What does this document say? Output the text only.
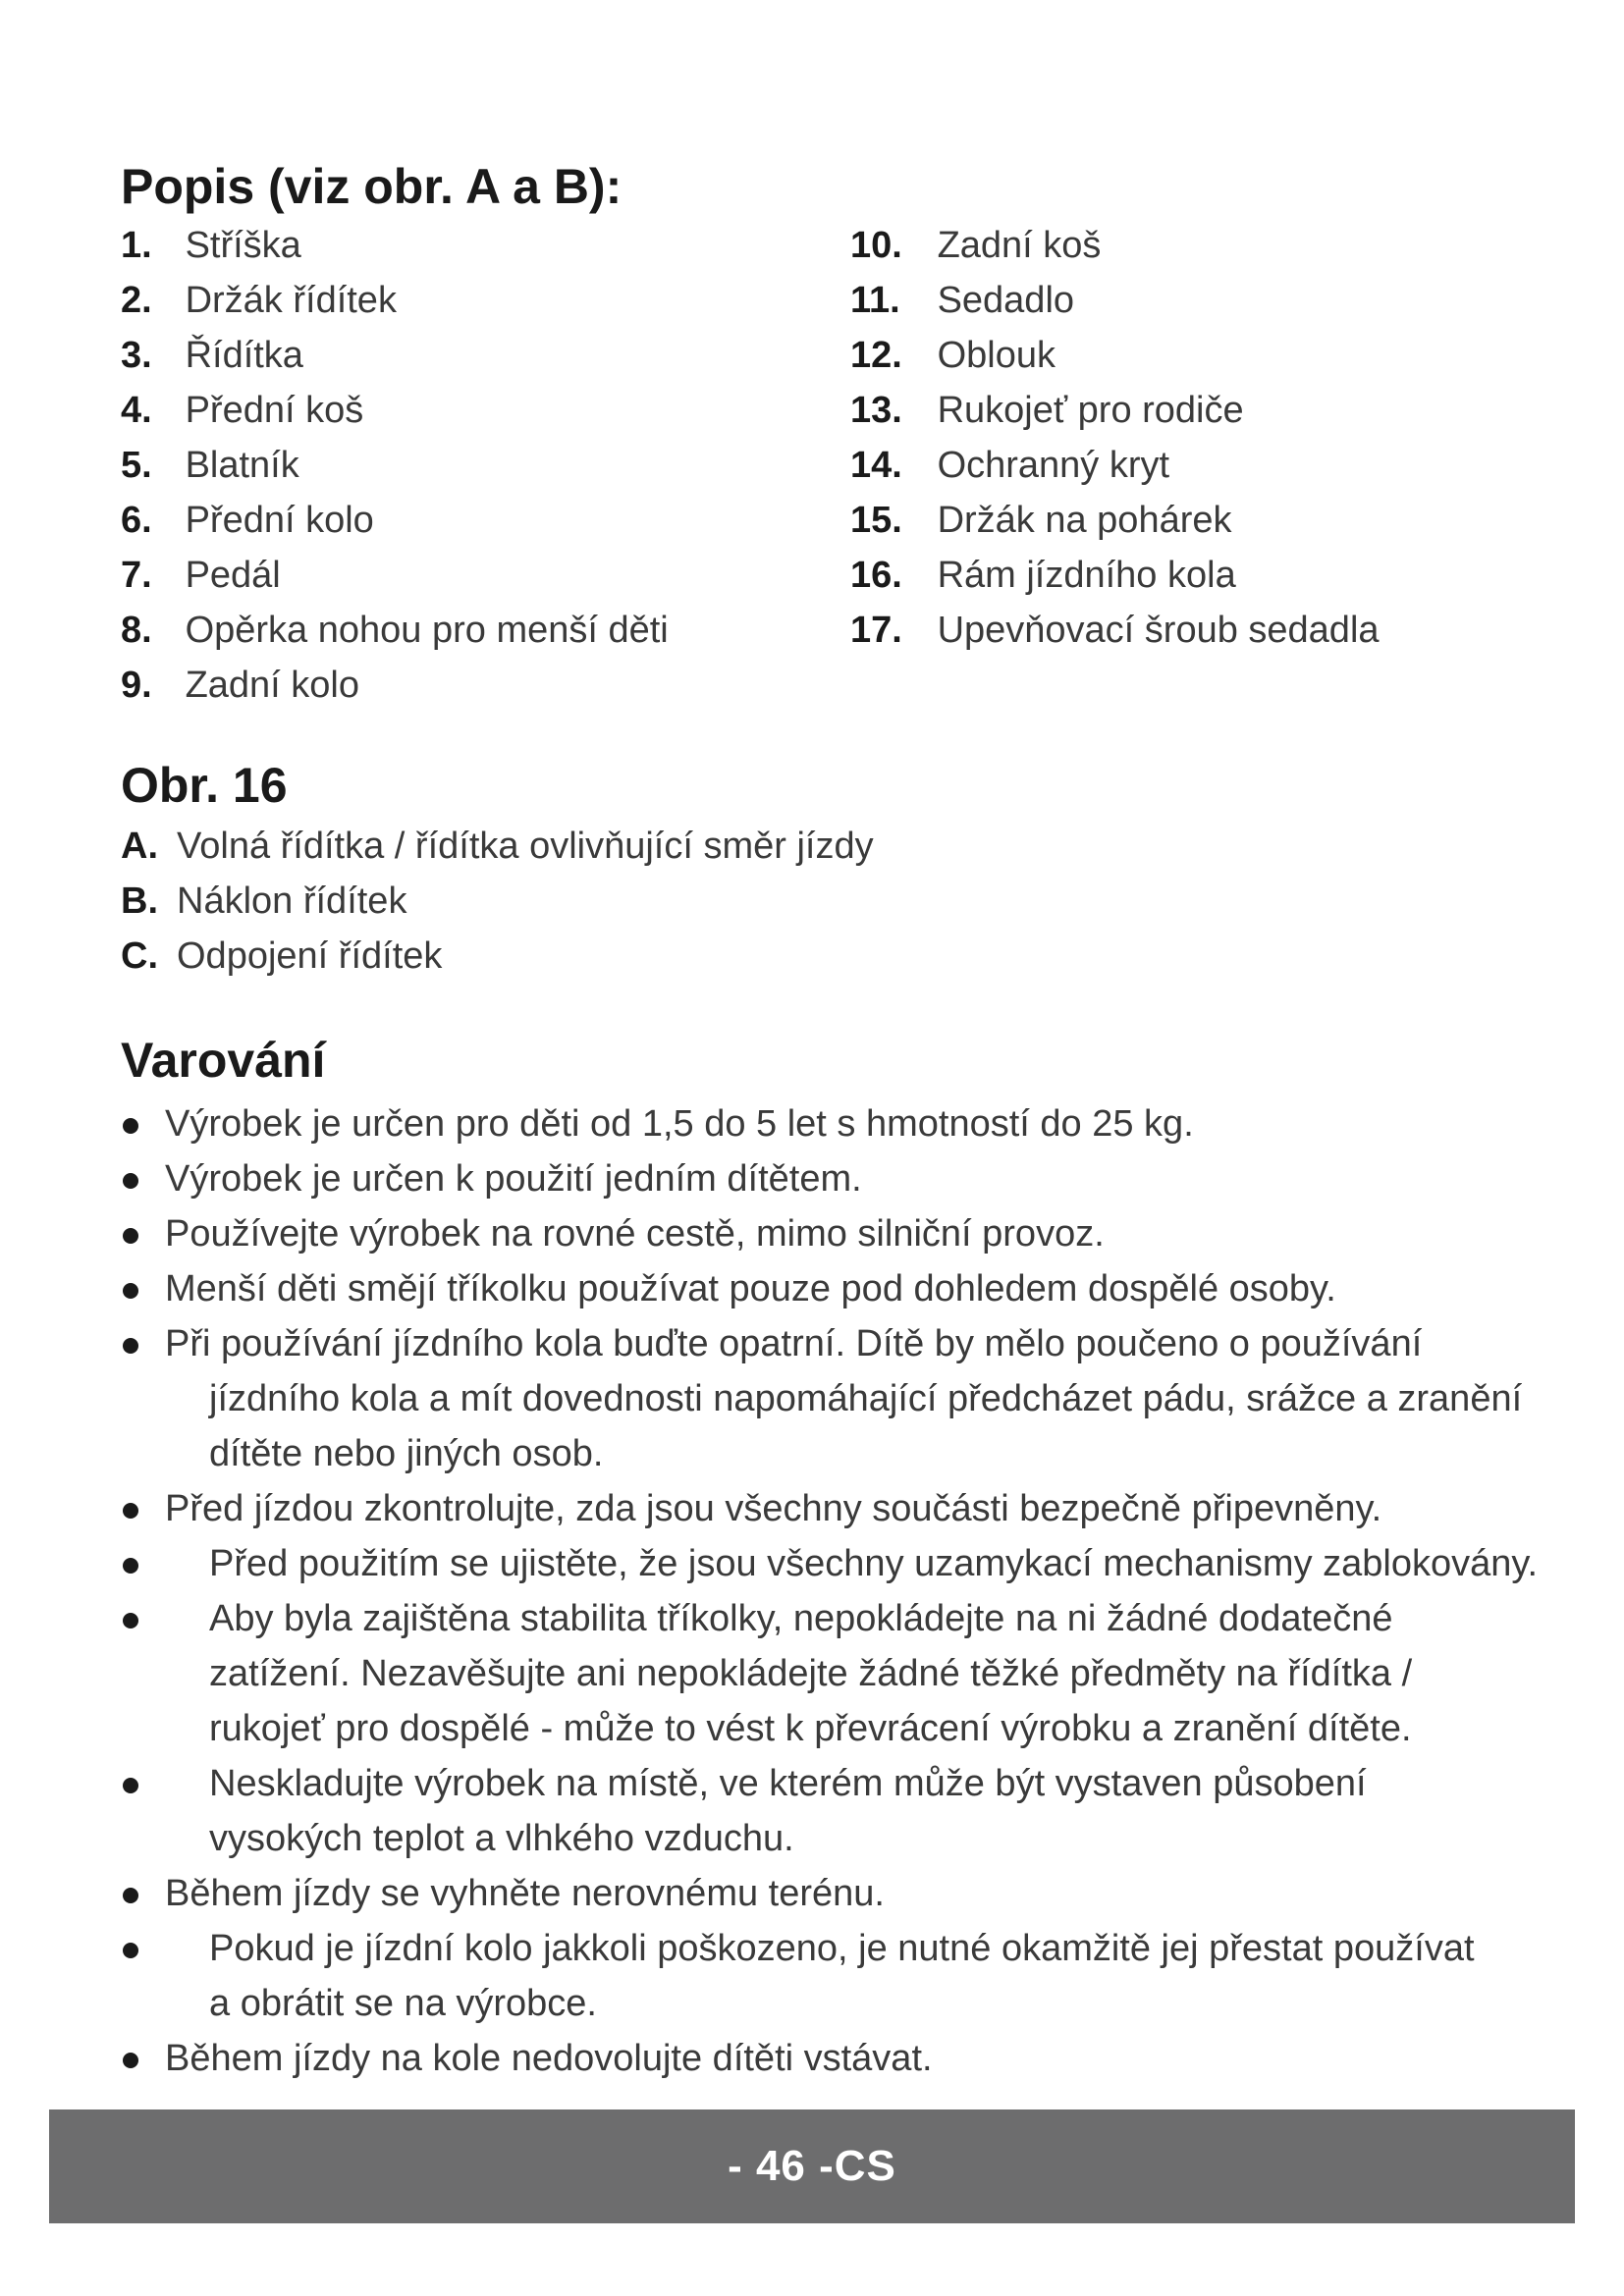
Popis (viz obr. A a B):
1. Stříška
2. Držák řídítek
3. Řídítka
4. Přední koš
5. Blatník
6. Přední kolo
7. Pedál
8. Opěrka nohou pro menší děti
9. Zadní kolo
10. Zadní koš
11. Sedadlo
12. Oblouk
13. Rukojeť pro rodiče
14. Ochranný kryt
15. Držák na pohárek
16. Rám jízdního kola
17. Upevňovací šroub sedadla
Obr. 16
A. Volná řídítka / řídítka ovlivňující směr jízdy
B. Náklon řídítek
C. Odpojení řídítek
Varování
Výrobek je určen pro děti od 1,5 do 5 let s hmotností do 25 kg.
Výrobek je určen k použití jedním dítětem.
Používejte výrobek na rovné cestě, mimo silniční provoz.
Menší děti smějí tříkolku používat pouze pod dohledem dospělé osoby.
Při používání jízdního kola buďte opatrní. Dítě by mělo poučeno o používání
jízdního kola a mít dovednosti napomáhající předcházet pádu, srážce a zranění
dítěte nebo jiných osob.
Před jízdou zkontrolujte, zda jsou všechny součásti bezpečně připevněny.
Před použitím se ujistěte, že jsou všechny uzamykací mechanismy zablokovány.
Aby byla zajištěna stabilita tříkolky, nepokládejte na ni žádné dodatečné
zatížení. Nezavěšujte ani nepokládejte žádné těžké předměty na řídítka /
rukojeť pro dospělé - může to vést k převrácení výrobku a zranění dítěte.
Neskladujte výrobek na místě, ve kterém může být vystaven působení
vysokých teplot a vlhkého vzduchu.
Během jízdy se vyhněte nerovnému terénu.
Pokud je jízdní kolo jakkoli poškozeno, je nutné okamžitě jej přestat používat
a obrátit se na výrobce.
Během jízdy na kole nedovolujte dítěti vstávat.
- 46 -CS
